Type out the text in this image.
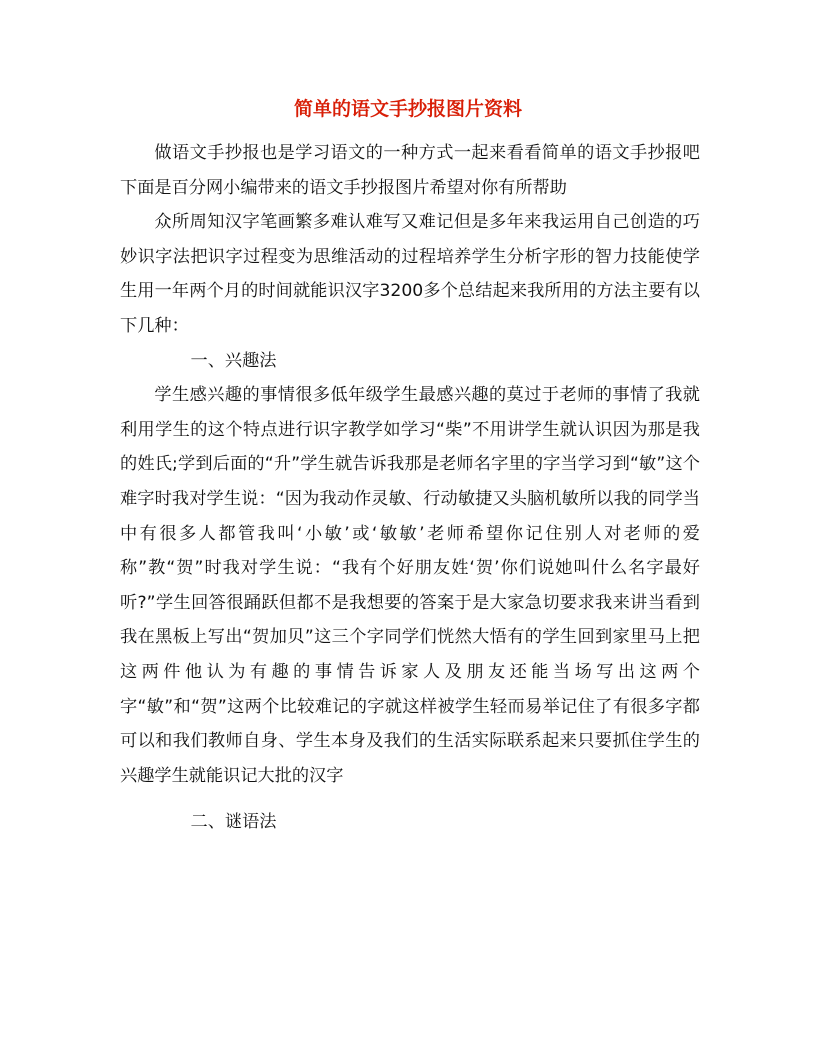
简单的语文手抄报图片资料

做语文手抄报也是学习语文的一种方式一起来看看简单的语文手抄报吧下面是百分网小编带来的语文手抄报图片希望对你有所帮助

众所周知汉字笔画繁多难认难写又难记但是多年来我运用自己创造的巧妙识字法把识字过程变为思维活动的过程培养学生分析字形的智力技能使学生用一年两个月的时间就能识汉字3200多个总结起来我所用的方法主要有以下几种：

一、兴趣法

学生感兴趣的事情很多低年级学生最感兴趣的莫过于老师的事情了我就利用学生的这个特点进行识字教学如学习“柴”不用讲学生就认识因为那是我的姓氏;学到后面的“升”学生就告诉我那是老师名字里的字当学习到“敏”这个难字时我对学生说：“因为我动作灵敏、行动敏捷又头脑机敏所以我的同学当中有很多人都管我叫‘小敏’或‘敏敏’老师希望你记住别人对老师的爱称”教“贺”时我对学生说：“我有个好朋友姓‘贺’你们说她叫什么名字最好听?”学生回答很踊跃但都不是我想要的答案于是大家急切要求我来讲当看到我在黑板上写出“贺加贝”这三个字同学们恍然大悟有的学生回到家里马上把这两件他认为有趣的事情告诉家人及朋友还能当场写出这两个字“敏”和“贺”这两个比较难记的字就这样被学生轻而易举记住了有很多字都可以和我们教师自身、学生本身及我们的生活实际联系起来只要抓住学生的兴趣学生就能识记大批的汉字

二、谜语法
